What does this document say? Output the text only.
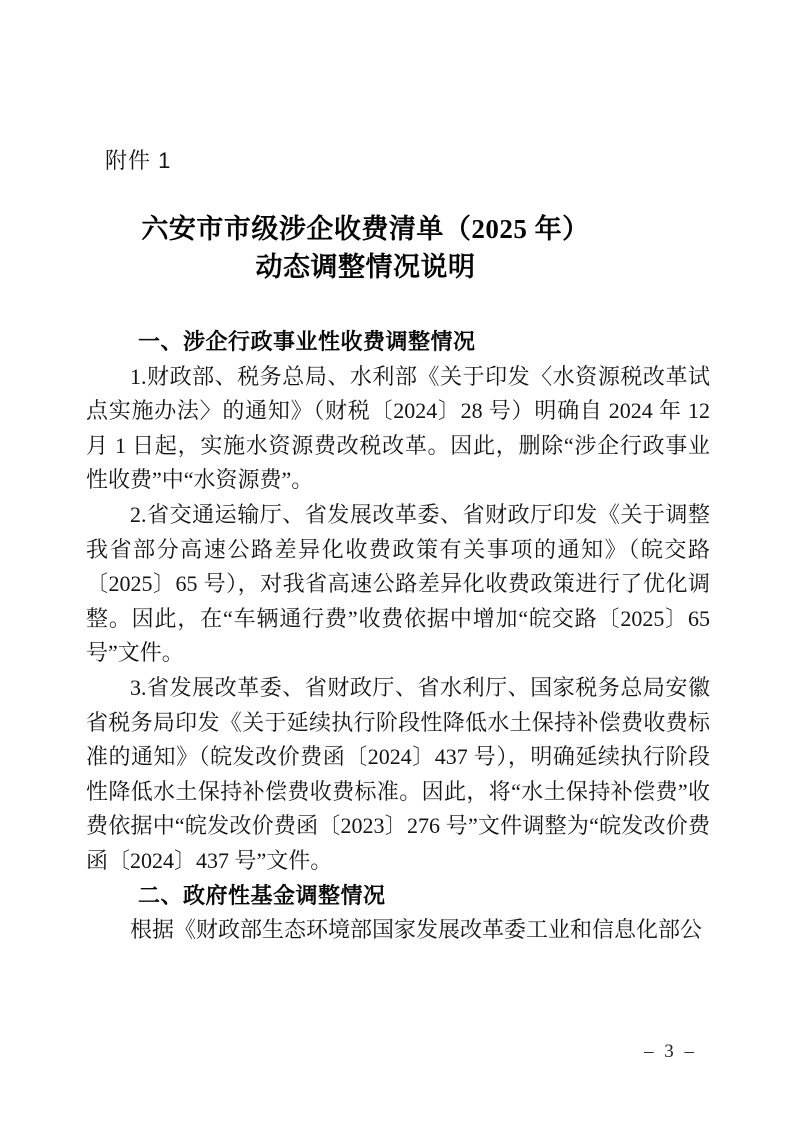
附件 1
六安市市级涉企收费清单（2025 年）
动态调整情况说明
一、涉企行政事业性收费调整情况

1.财政部、税务总局、水利部《关于印发〈水资源税改革试点实施办法〉的通知》（财税〔2024〕28 号）明确自 2024 年 12 月 1 日起，实施水资源费改税改革。因此，删除“涉企行政事业性收费”中“水资源费”。

2.省交通运输厅、省发展改革委、省财政厅印发《关于调整我省部分高速公路差异化收费政策有关事项的通知》（皖交路〔2025〕65 号），对我省高速公路差异化收费政策进行了优化调整。因此，在“车辆通行费”收费依据中增加“皖交路〔2025〕65 号”文件。

3.省发展改革委、省财政厅、省水利厅、国家税务总局安徽省税务局印发《关于延续执行阶段性降低水土保持补偿费收费标准的通知》（皖发改价费函〔2024〕437 号），明确延续执行阶段性降低水土保持补偿费收费标准。因此，将“水土保持补偿费”收费依据中“皖发改价费函〔2023〕276 号”文件调整为“皖发改价费函〔2024〕437 号”文件。

二、政府性基金调整情况

根据《财政部生态环境部国家发展改革委工业和信息化部公

– 3 –
